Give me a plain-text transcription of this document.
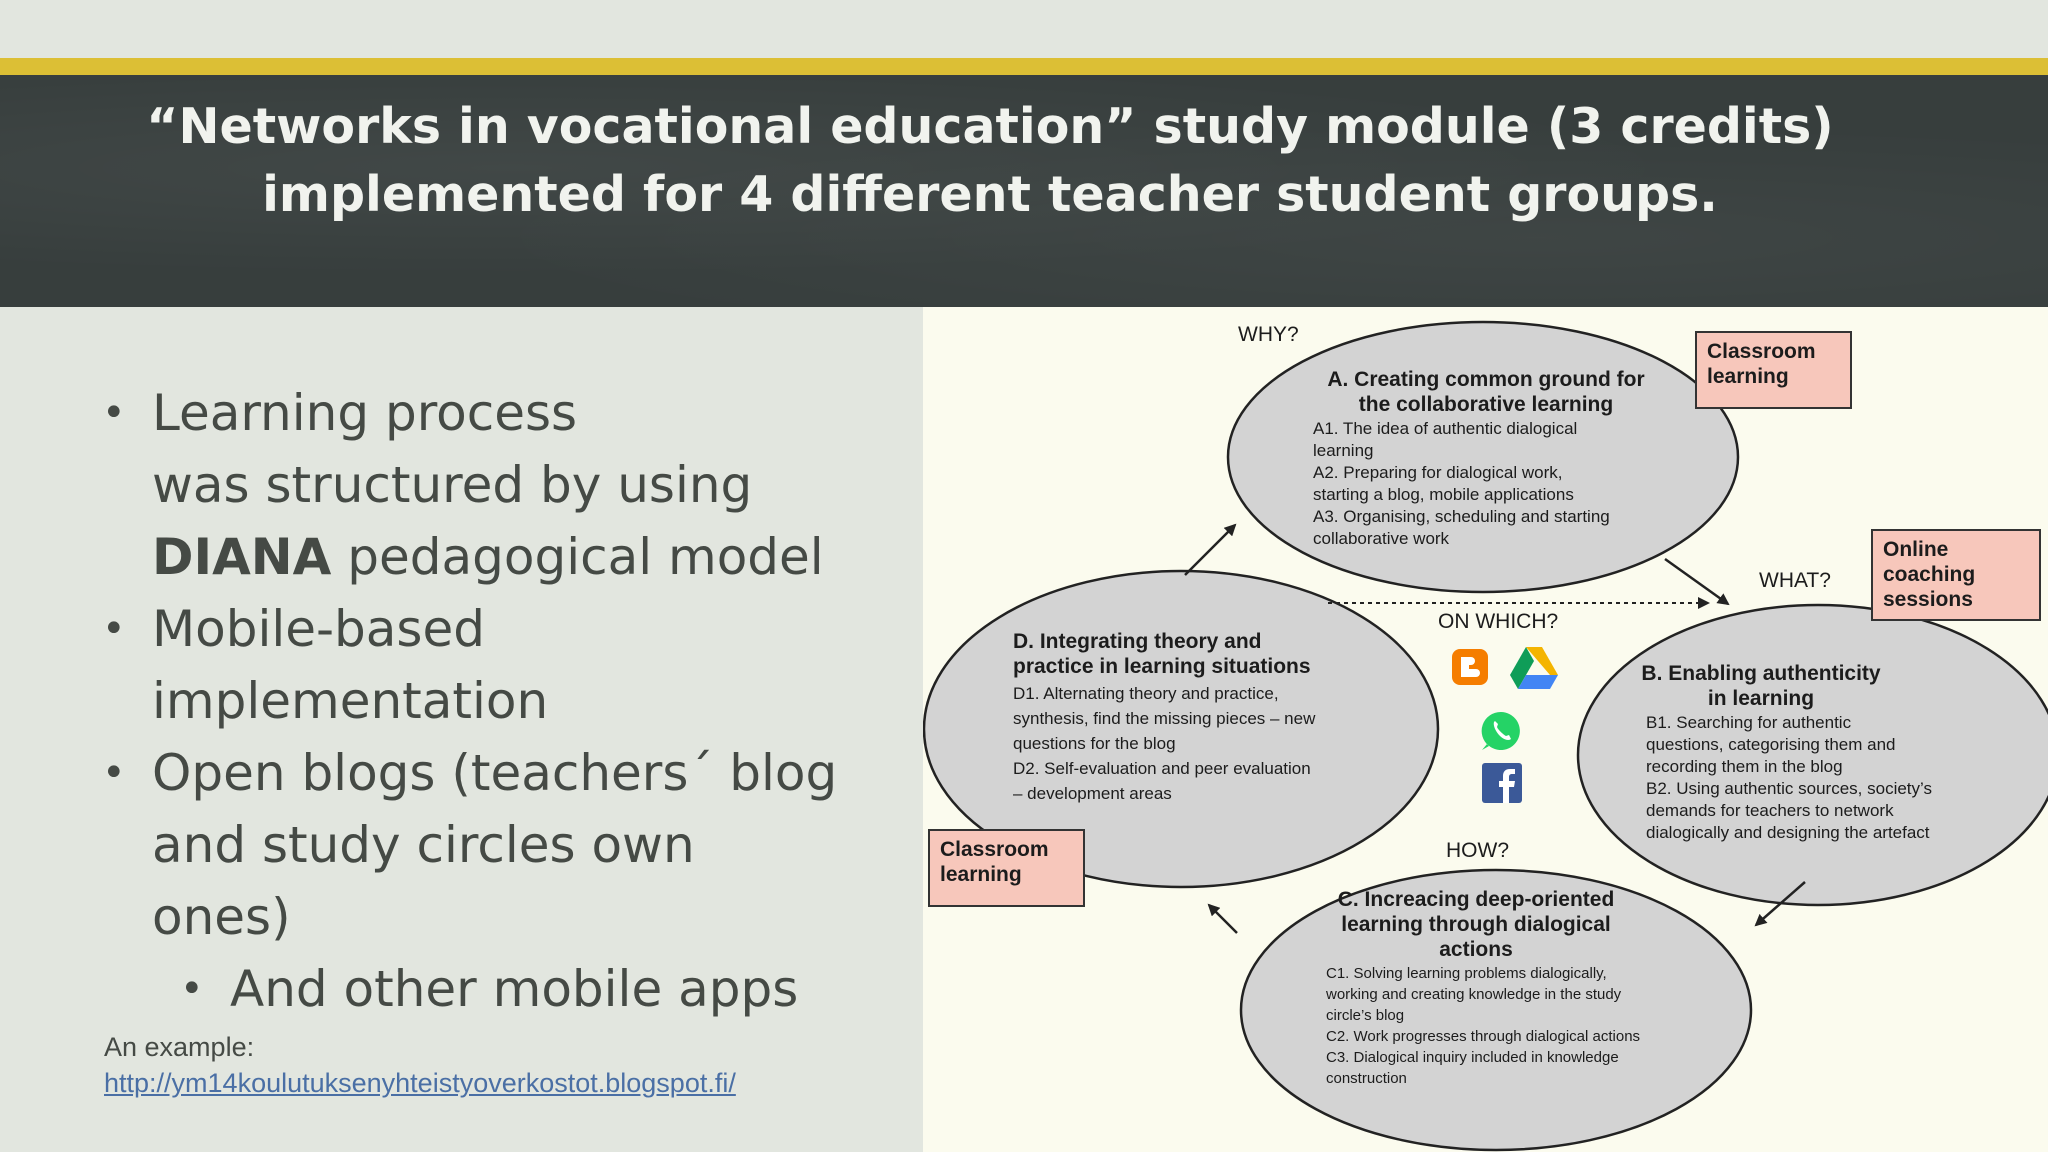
“Networks in vocational education” study module (3 credits)
implemented for 4 different teacher student groups.
• Learning process
was structured by using
DIANA pedagogical model
• Mobile-based
implementation
• Open blogs (teachers´ blog
and study circles own
ones)
• And other mobile apps
An example:
http://ym14koulutuksenyhteistyoverkostot.blogspot.fi/
WHY?
WHAT?
HOW?
ON WHICH?
Classroom learning
Online coaching sessions
Classroom learning
A. Creating common ground for
the collaborative learning
A1. The idea of authentic dialogical
learning
A2. Preparing for dialogical work,
starting a blog, mobile applications
A3. Organising, scheduling and starting
collaborative work
D. Integrating theory and
practice in learning situations
D1. Alternating theory and practice,
synthesis, find the missing pieces – new
questions for the blog
D2. Self-evaluation and peer evaluation
– development areas
B. Enabling authenticity
in learning
B1. Searching for authentic
questions, categorising them and
recording them in the blog
B2. Using authentic sources, society’s
demands for teachers to network
dialogically and designing the artefact
C. Increacing deep-oriented
learning through dialogical
actions
C1. Solving learning problems dialogically,
working and creating knowledge in the study
circle’s blog
C2. Work progresses through dialogical actions
C3. Dialogical inquiry included in knowledge
construction
